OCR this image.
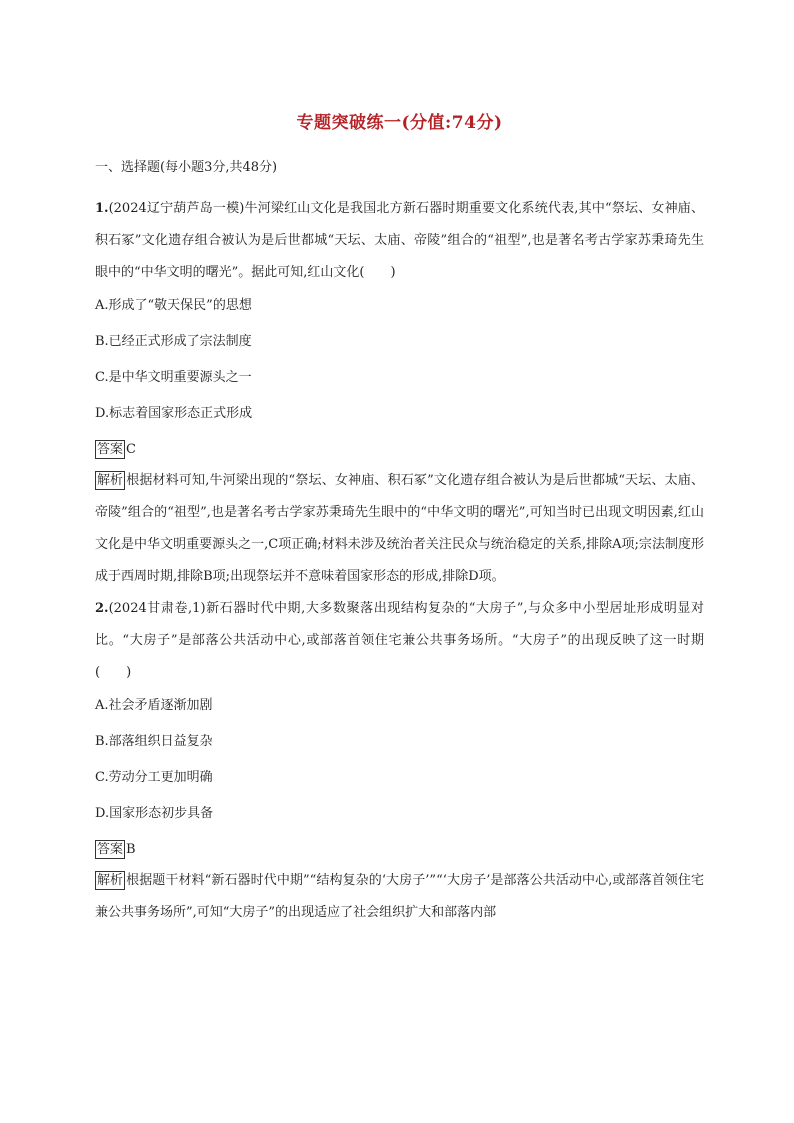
专题突破练一(分值:74分)
一、选择题(每小题3分,共48分)

1.(2024辽宁葫芦岛一模)牛河梁红山文化是我国北方新石器时期重要文化系统代表,其中“祭坛、女神庙、积石冢”文化遗存组合被认为是后世都城“天坛、太庙、帝陵”组合的“祖型”,也是著名考古学家苏秉琦先生眼中的“中华文明的曙光”。据此可知,红山文化(　　)

A.形成了“敬天保民”的思想
B.已经正式形成了宗法制度
C.是中华文明重要源头之一
D.标志着国家形态正式形成
答案 C

解析 根据材料可知,牛河梁出现的“祭坛、女神庙、积石冢”文化遗存组合被认为是后世都城“天坛、太庙、帝陵”组合的“祖型”,也是著名考古学家苏秉琦先生眼中的“中华文明的曙光”,可知当时已出现文明因素,红山文化是中华文明重要源头之一,C项正确;材料未涉及统治者关注民众与统治稳定的关系,排除A项;宗法制度形成于西周时期,排除B项;出现祭坛并不意味着国家形态的形成,排除D项。

2.(2024甘肃卷,1)新石器时代中期,大多数聚落出现结构复杂的“大房子”,与众多中小型居址形成明显对比。“大房子”是部落公共活动中心,或部落首领住宅兼公共事务场所。“大房子”的出现反映了这一时期　(　　)

A.社会矛盾逐渐加剧
B.部落组织日益复杂
C.劳动分工更加明确
D.国家形态初步具备
答案 B

解析 根据题干材料“新石器时代中期”“结构复杂的‘大房子’”“‘大房子’是部落公共活动中心,或部落首领住宅兼公共事务场所”,可知“大房子”的出现适应了社会组织扩大和部落内部
